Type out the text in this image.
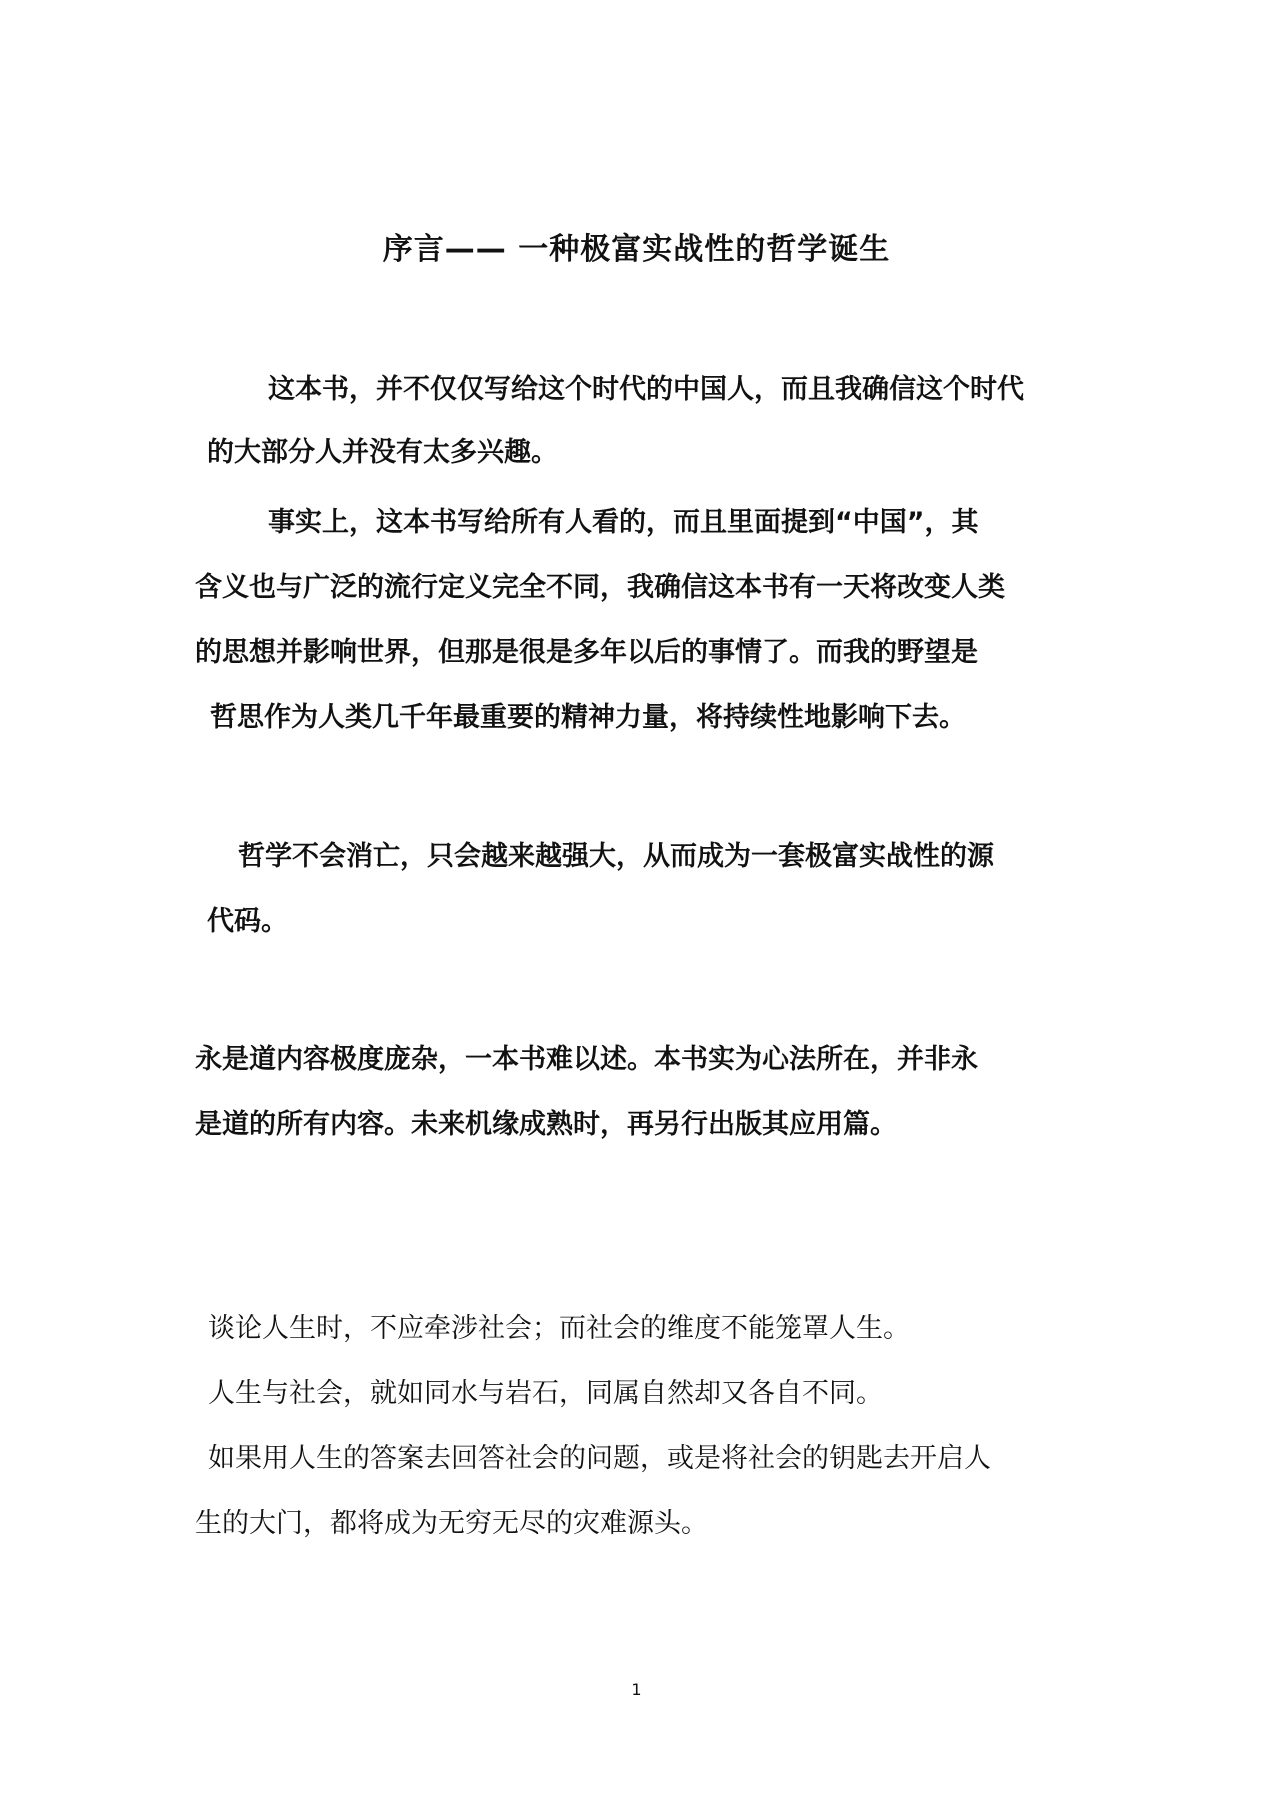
序言—— 一种极富实战性的哲学诞生
这本书，并不仅仅写给这个时代的中国人，而且我确信这个时代
的大部分人并没有太多兴趣。
事实上，这本书写给所有人看的，而且里面提到“中国”，其
含义也与广泛的流行定义完全不同，我确信这本书有一天将改变人类
的思想并影响世界，但那是很是多年以后的事情了。而我的野望是
哲思作为人类几千年最重要的精神力量，将持续性地影响下去。
哲学不会消亡，只会越来越强大，从而成为一套极富实战性的源
代码。
永是道内容极度庞杂，一本书难以述。本书实为心法所在，并非永
是道的所有内容。未来机缘成熟时，再另行出版其应用篇。
谈论人生时，不应牵涉社会；而社会的维度不能笼罩人生。
人生与社会，就如同水与岩石，同属自然却又各自不同。
如果用人生的答案去回答社会的问题，或是将社会的钥匙去开启人
生的大门，都将成为无穷无尽的灾难源头。
1
